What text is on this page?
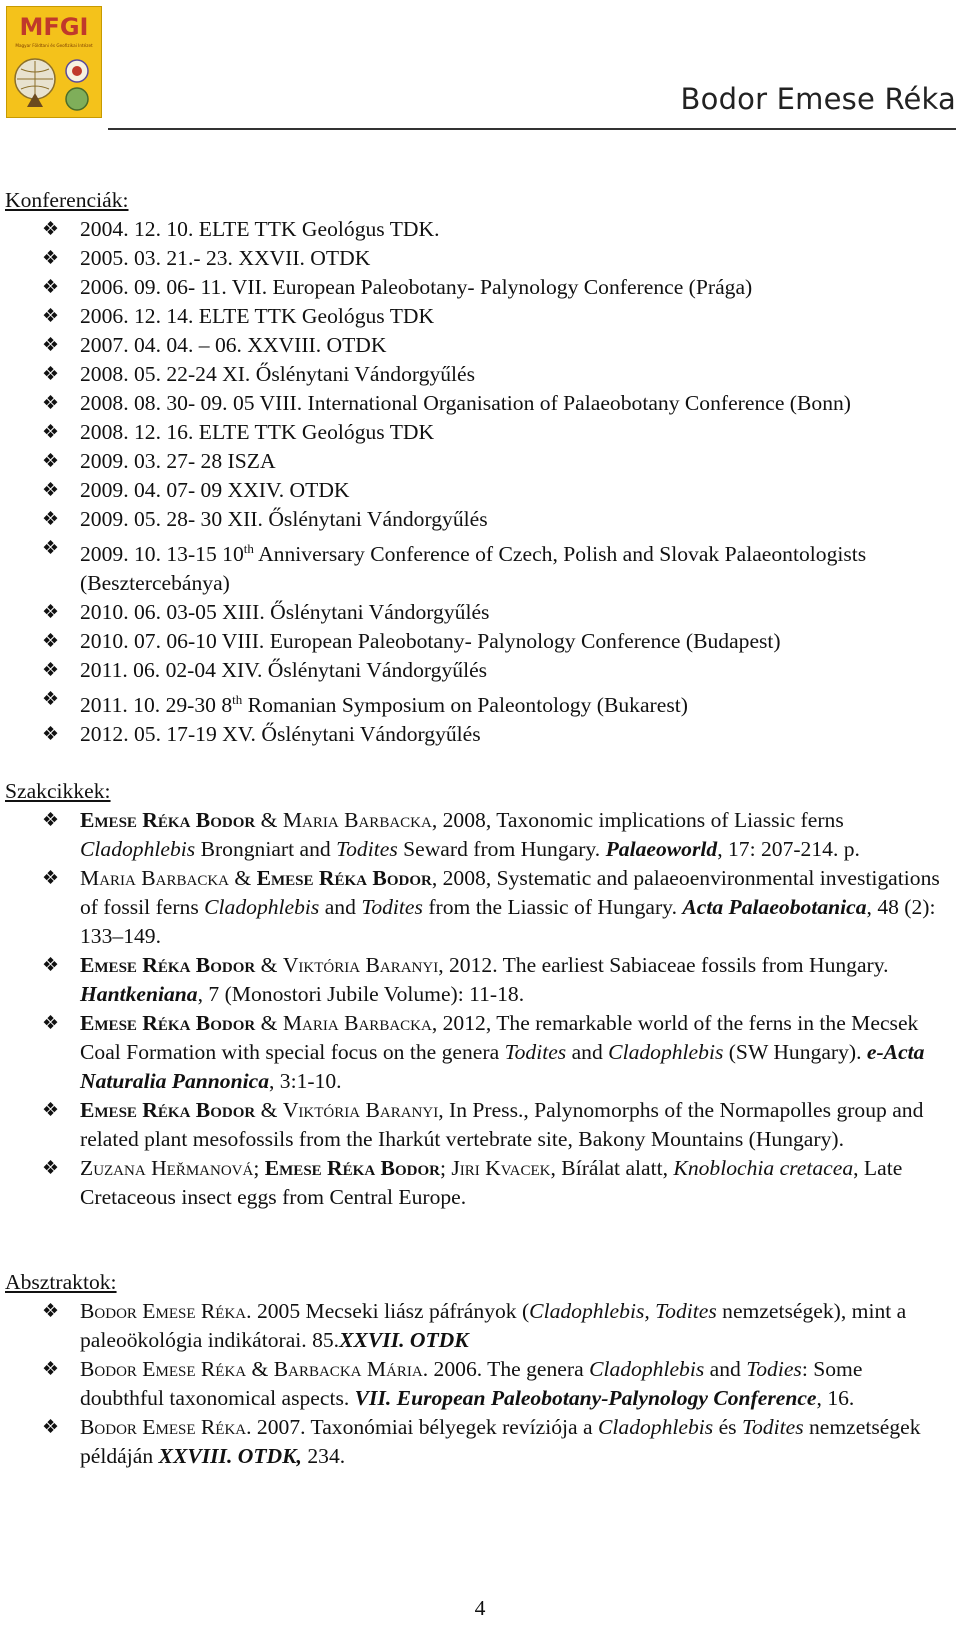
MFGI
Magyar Földtani és Geofizikai Intézet
Bodor Emese Réka
Konferenciák:
❖ 2004. 12. 10. ELTE TTK Geológus TDK.
❖ 2005. 03. 21.- 23. XXVII. OTDK
❖ 2006. 09. 06- 11. VII. European Paleobotany- Palynology Conference (Prága)
❖ 2006. 12. 14. ELTE TTK Geológus TDK
❖ 2007. 04. 04. – 06. XXVIII. OTDK
❖ 2008. 05. 22-24 XI. Őslénytani Vándorgyűlés
❖ 2008. 08. 30- 09. 05 VIII. International Organisation of Palaeobotany Conference (Bonn)
❖ 2008. 12. 16. ELTE TTK Geológus TDK
❖ 2009. 03. 27- 28 ISZA
❖ 2009. 04. 07- 09 XXIV. OTDK
❖ 2009. 05. 28- 30 XII. Őslénytani Vándorgyűlés
❖ 2009. 10. 13-15 10th Anniversary Conference of Czech, Polish and Slovak Palaeontologists (Besztercebánya)
❖ 2010. 06. 03-05 XIII. Őslénytani Vándorgyűlés
❖ 2010. 07. 06-10 VIII. European Paleobotany- Palynology Conference (Budapest)
❖ 2011. 06. 02-04 XIV. Őslénytani Vándorgyűlés
❖ 2011. 10. 29-30 8th Romanian Symposium on Paleontology (Bukarest)
❖ 2012. 05. 17-19 XV. Őslénytani Vándorgyűlés
Szakcikkek:
❖ Emese Réka Bodor & Maria Barbacka, 2008, Taxonomic implications of Liassic ferns Cladophlebis Brongniart and Todites Seward from Hungary. Palaeoworld, 17: 207-214. p.
❖ Maria Barbacka & Emese Réka Bodor, 2008, Systematic and palaeoenvironmental investigations of fossil ferns Cladophlebis and Todites from the Liassic of Hungary. Acta Palaeobotanica, 48 (2): 133–149.
❖ Emese Réka Bodor & Viktória Baranyi, 2012. The earliest Sabiaceae fossils from Hungary. Hantkeniana, 7 (Monostori Jubile Volume): 11-18.
❖ Emese Réka Bodor & Maria Barbacka, 2012, The remarkable world of the ferns in the Mecsek Coal Formation with special focus on the genera Todites and Cladophlebis (SW Hungary). e-Acta Naturalia Pannonica, 3:1-10.
❖ Emese Réka Bodor & Viktória Baranyi, In Press., Palynomorphs of the Normapolles group and related plant mesofossils from the Iharkút vertebrate site, Bakony Mountains (Hungary).
❖ Zuzana Heřmanová; Emese Réka Bodor; Jiri Kvacek, Bírálat alatt, Knoblochia cretacea, Late Cretaceous insect eggs from Central Europe.
Absztraktok:
❖ Bodor Emese Réka. 2005 Mecseki liász páfrányok (Cladophlebis, Todites nemzetségek), mint a paleoökológia indikátorai. 85.XXVII. OTDK
❖ Bodor Emese Réka & Barbacka Mária. 2006. The genera Cladophlebis and Todies: Some doubthful taxonomical aspects. VII. European Paleobotany-Palynology Conference, 16.
❖ Bodor Emese Réka. 2007. Taxonómiai bélyegek revíziója a Cladophlebis és Todites nemzetségek példáján XXVIII. OTDK, 234.
4
